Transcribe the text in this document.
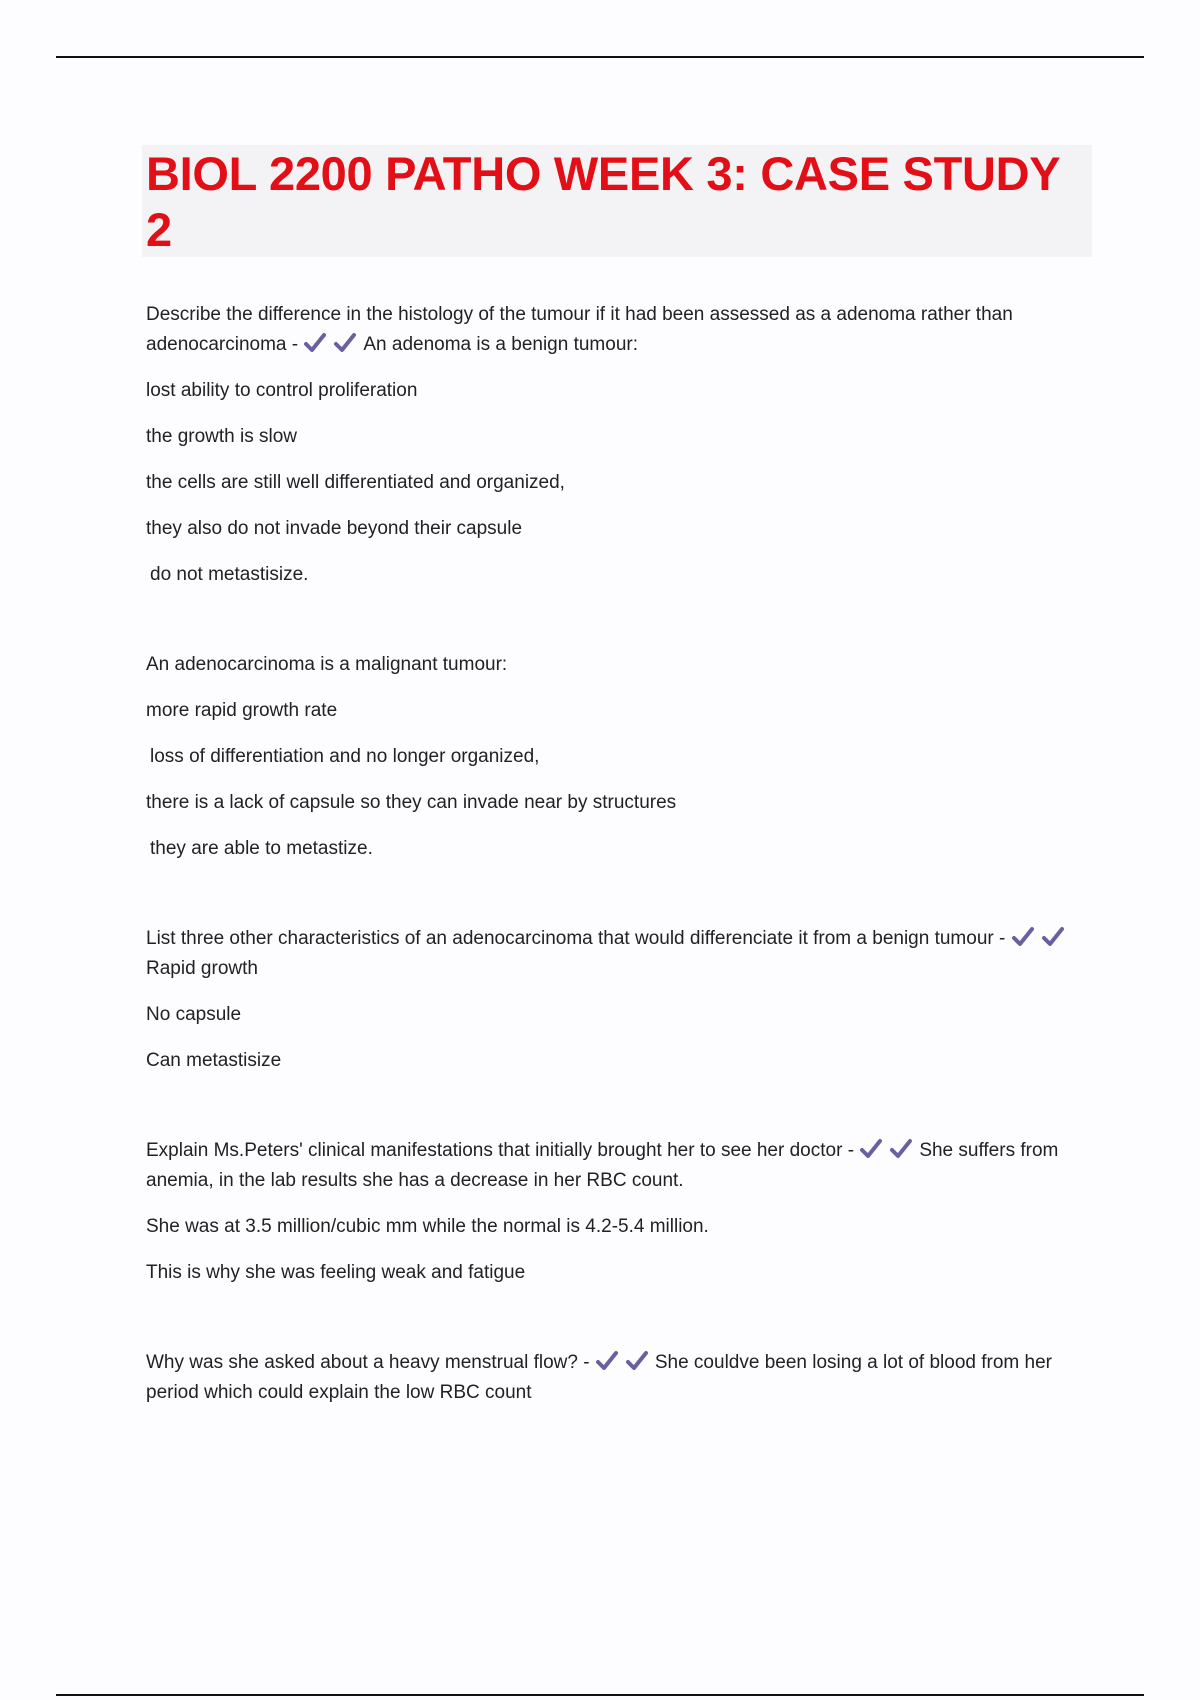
BIOL 2200 PATHO WEEK 3: CASE STUDY 2

Describe the difference in the histology of the tumour if it had been assessed as a adenoma rather than adenocarcinoma -	An adenoma is a benign tumour:

lost ability to control proliferation

the growth is slow

the cells are still well differentiated and organized,

they also do not invade beyond their capsule

do not metastisize.

An adenocarcinoma is a malignant tumour:

more rapid growth rate

loss of differentiation and no longer organized,

there is a lack of capsule so they can invade near by structures

they are able to metastize.

List three other characteristics of an adenocarcinoma that would differenciate it from a benign tumour -
Rapid growth

No capsule

Can metastisize

Explain Ms.Peters' clinical manifestations that initially brought her to see her doctor -	She suffers from anemia, in the lab results she has a decrease in her RBC count.

She was at 3.5 million/cubic mm while the normal is 4.2-5.4 million.

This is why she was feeling weak and fatigue

Why was she asked about a heavy menstrual flow? -	She couldve been losing a lot of blood from her period which could explain the low RBC count
